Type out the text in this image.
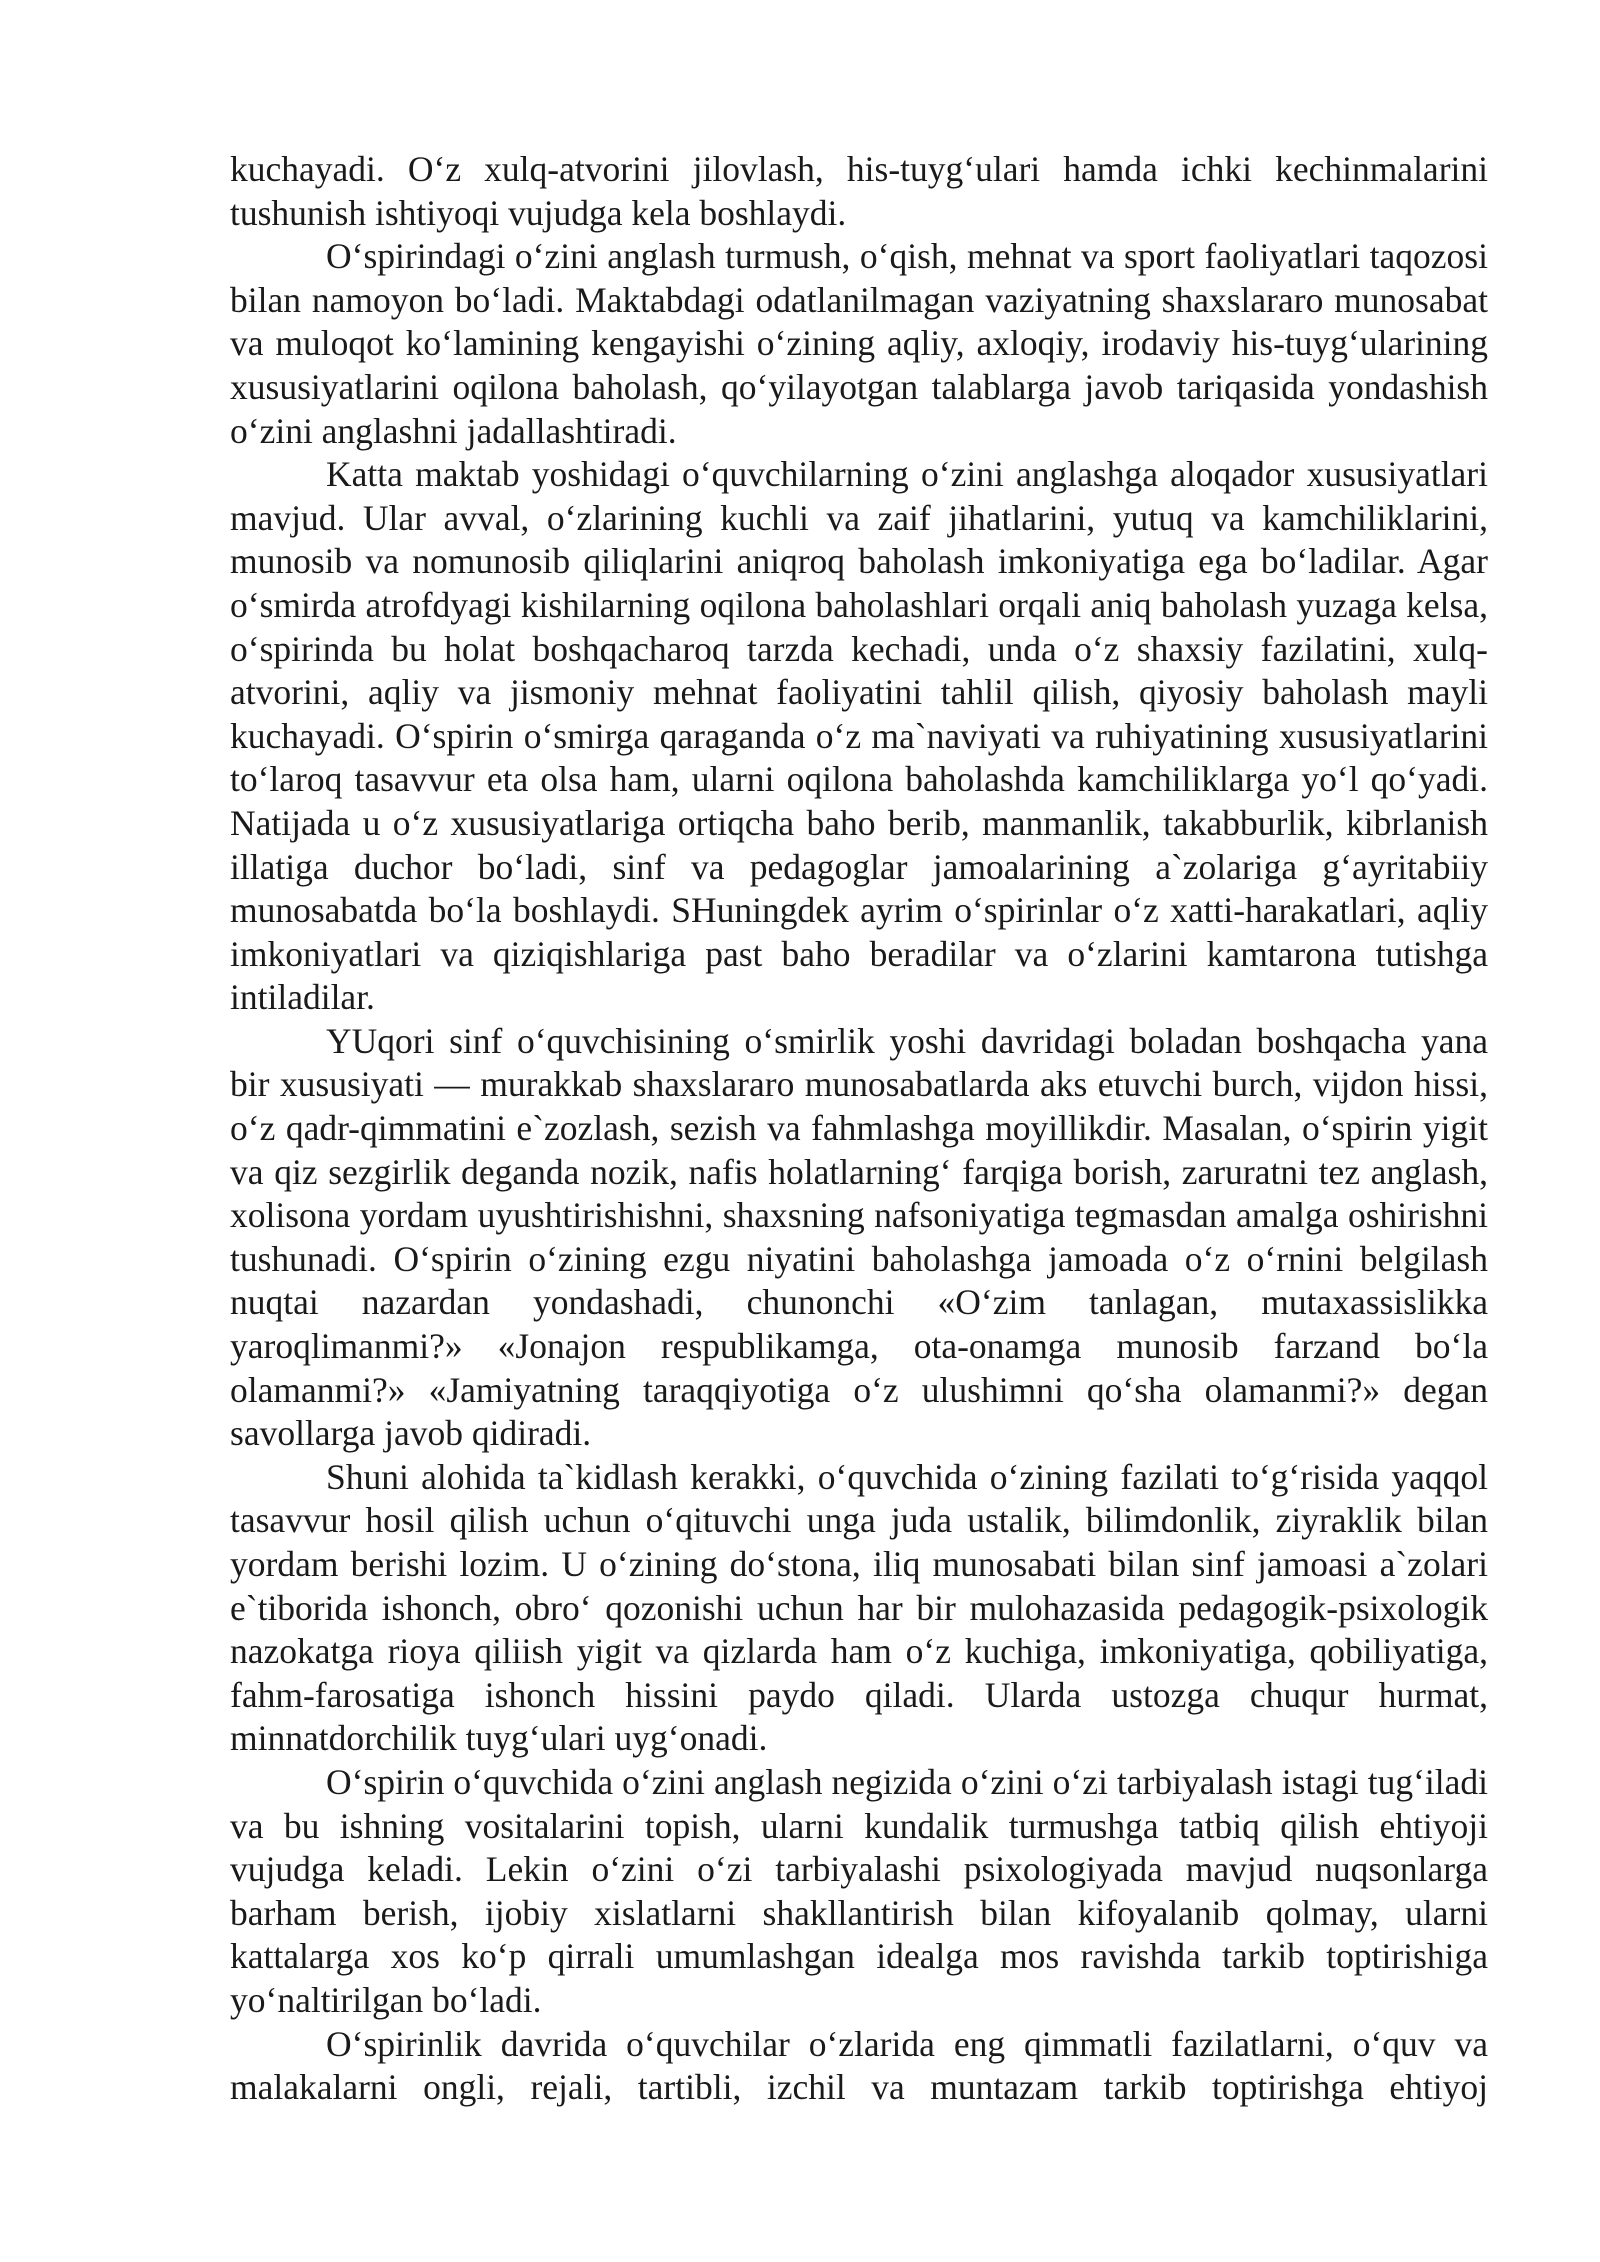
kuchayadi. O‘z xulq-atvorini jilovlash, his-tuyg‘ulari hamda ichki kechinmalarini tushunish ishtiyoqi vujudga kela boshlaydi.

O‘spirindagi o‘zini anglash turmush, o‘qish, mehnat va sport faoliyatlari taqozosi bilan namoyon bo‘ladi. Maktabdagi odatlanilmagan vaziyatning shaxslararo munosabat va muloqot ko‘lamining kengayishi o‘zining aqliy, axloqiy, irodaviy his-tuyg‘ularining xususiyatlarini oqilona baholash, qo‘yilayotgan talablarga javob tariqasida yondashish o‘zini anglashni jadallashtiradi.

Katta maktab yoshidagi o‘quvchilarning o‘zini anglashga aloqador xususiyatlari mavjud. Ular avval, o‘zlarining kuchli va zaif jihatlarini, yutuq va kamchiliklarini, munosib va nomunosib qiliqlarini aniqroq baholash imkoniyatiga ega bo‘ladilar. Agar o‘smirda atrofdyagi kishilarning oqilona baholashlari orqali aniq baholash yuzaga kelsa, o‘spirinda bu holat boshqacharoq tarzda kechadi, unda o‘z shaxsiy fazilatini, xulq-atvorini, aqliy va jismoniy mehnat faoliyatini tahlil qilish, qiyosiy baholash mayli kuchayadi. O‘spirin o‘smirga qaraganda o‘z ma`naviyati va ruhiyatining xususiyatlarini to‘laroq tasavvur eta olsa ham, ularni oqilona baholashda kamchiliklarga yo‘l qo‘yadi. Natijada u o‘z xususiyatlariga ortiqcha baho berib, manmanlik, takabburlik, kibrlanish illatiga duchor bo‘ladi, sinf va pedagoglar jamoalarining a`zolariga g‘ayritabiiy munosabatda bo‘la boshlaydi. SHuningdek ayrim o‘spirinlar o‘z xatti-harakatlari, aqliy imkoniyatlari va qiziqishlariga past baho beradilar va o‘zlarini kamtarona tutishga intiladilar.

YUqori sinf o‘quvchisining o‘smirlik yoshi davridagi boladan boshqacha yana bir xususiyati — murakkab shaxslararo munosabatlarda aks etuvchi burch, vijdon hissi, o‘z qadr-qimmatini e`zozlash, sezish va fahmlashga moyillikdir. Masalan, o‘spirin yigit va qiz sezgirlik deganda nozik, nafis holatlarning‘ farqiga borish, zaruratni tez anglash, xolisona yordam uyushtirishishni, shaxsning nafsoniyatiga tegmasdan amalga oshirishni tushunadi. O‘spirin o‘zining ezgu niyatini baholashga jamoada o‘z o‘rnini belgilash nuqtai nazardan yondashadi, chunonchi «O‘zim tanlagan, mutaxassislikka yaroqlimanmi?» «Jonajon respublikamga, ota-onamga munosib farzand bo‘la olamanmi?» «Jamiyatning taraqqiyotiga o‘z ulushimni qo‘sha olamanmi?» degan savollarga javob qidiradi.

Shuni alohida ta`kidlash kerakki, o‘quvchida o‘zining fazilati to‘g‘risida yaqqol tasavvur hosil qilish uchun o‘qituvchi unga juda ustalik, bilimdonlik, ziyraklik bilan yordam berishi lozim. U o‘zining do‘stona, iliq munosabati bilan sinf jamoasi a`zolari e`tiborida ishonch, obro‘ qozonishi uchun har bir mulohazasida pedagogik-psixologik nazokatga rioya qiliish yigit va qizlarda ham o‘z kuchiga, imkoniyatiga, qobiliyatiga, fahm-farosatiga ishonch hissini paydo qiladi. Ularda ustozga chuqur hurmat, minnatdorchilik tuyg‘ulari uyg‘onadi.

O‘spirin o‘quvchida o‘zini anglash negizida o‘zini o‘zi tarbiyalash istagi tug‘iladi va bu ishning vositalarini topish, ularni kundalik turmushga tatbiq qilish ehtiyoji vujudga keladi. Lekin o‘zini o‘zi tarbiyalashi psixologiyada mavjud nuqsonlarga barham berish, ijobiy xislatlarni shakllantirish bilan kifoyalanib qolmay, ularni kattalarga xos ko‘p qirrali umumlashgan idealga mos ravishda tarkib toptirishiga yo‘naltirilgan bo‘ladi.

O‘spirinlik davrida o‘quvchilar o‘zlarida eng qimmatli fazilatlarni, o‘quv va malakalarni ongli, rejali, tartibli, izchil va muntazam tarkib toptirishga ehtiyoj
